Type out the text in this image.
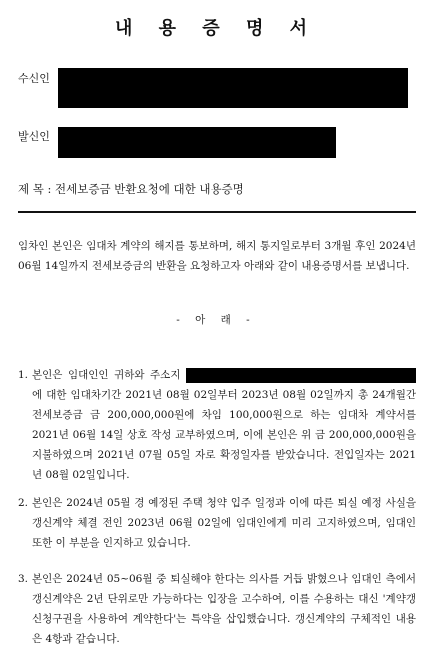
내 용 증 명 서
수신인
발신인
제 목 : 전세보증금 반환요청에 대한 내용증명
임차인 본인은 임대차 계약의 해지를 통보하며, 해지 통지일로부터 3개월 후인 2024년 06월 14일까지 전세보증금의 반환을 요청하고자 아래와 같이 내용증명서를 보냅니다.
- 아 래 -
1. 본인은 임대인인 귀하와 주소지  에 대한 임대차기간 2021년 08월 02일부터 2023년 08월 02일까지 총 24개월간 전세보증금 금 200,000,000원에 차임 100,000원으로 하는 임대차 계약서를 2021년 06월 14일 상호 작성 교부하였으며, 이에 본인은 위 금 200,000,000원을 지불하였으며 2021년 07월 05일 자로 확정일자를 받았습니다. 전입일자는 2021년 08월 02일입니다.
2. 본인은 2024년 05월 경 예정된 주택 청약 입주 일정과 이에 따른 퇴실 예정 사실을 갱신계약 체결 전인 2023년 06월 02일에 임대인에게 미리 고지하였으며, 임대인 또한 이 부분을 인지하고 있습니다.
3. 본인은 2024년 05~06월 중 퇴실해야 한다는 의사를 거듭 밝혔으나 임대인 측에서 갱신계약은 2년 단위로만 가능하다는 입장을 고수하여, 이를 수용하는 대신 '계약갱신청구권을 사용하여 계약한다'는 특약을 삽입했습니다. 갱신계약의 구체적인 내용은 4항과 같습니다.
